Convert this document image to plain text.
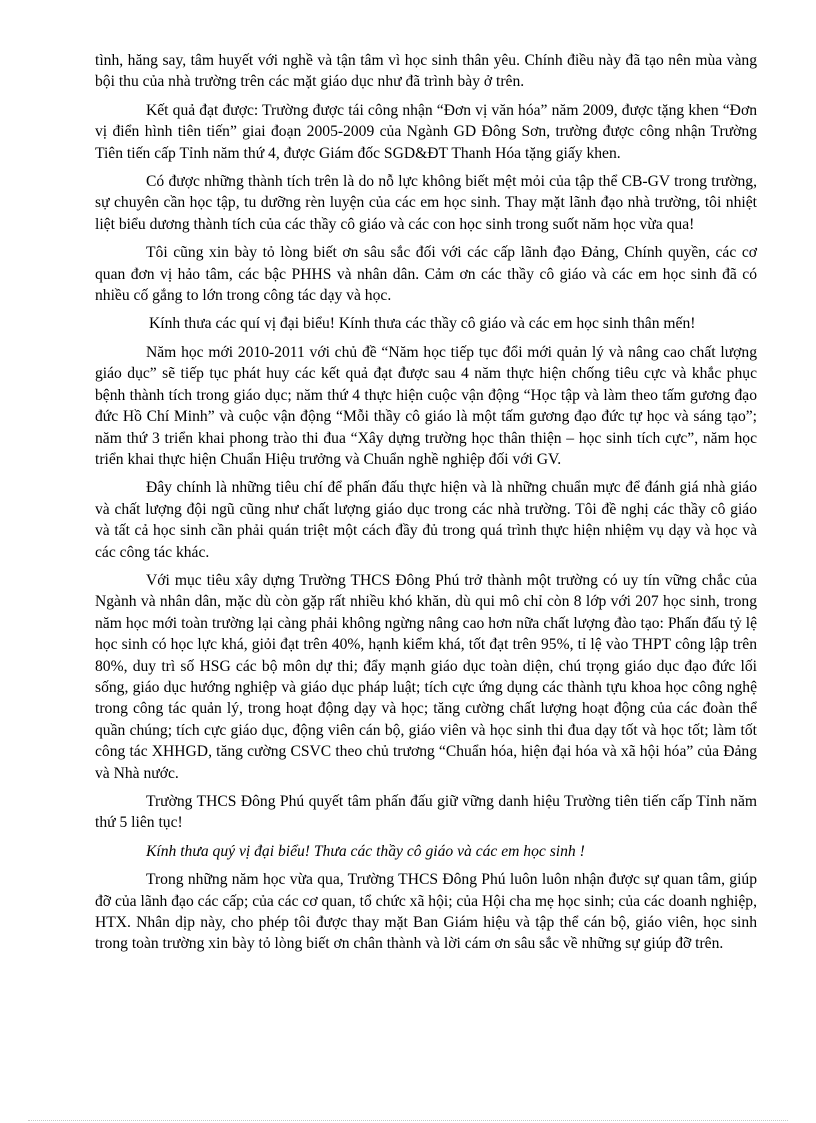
tình, hăng say, tâm huyết với nghề và tận tâm vì học sinh thân yêu. Chính điều này đã tạo nên mùa vàng bội thu của nhà trường trên các mặt giáo dục như đã trình bày ở trên.

Kết quả đạt được: Trường được tái công nhận “Đơn vị văn hóa” năm 2009, được tặng khen “Đơn vị điển hình tiên tiến” giai đoạn 2005-2009 của Ngành GD Đông Sơn, trường được công nhận Trường Tiên tiến cấp Tỉnh năm thứ 4, được Giám đốc SGD&ĐT Thanh Hóa tặng giấy khen.

Có được những thành tích trên là do nỗ lực không biết mệt mỏi của tập thể CB-GV trong trường, sự chuyên cần học tập, tu dưỡng rèn luyện của các em học sinh. Thay mặt lãnh đạo nhà trường, tôi nhiệt liệt biểu dương thành tích của các thầy cô giáo và các con học sinh trong suốt năm học vừa qua!

Tôi cũng xin bày tỏ lòng biết ơn sâu sắc đối với các cấp lãnh đạo Đảng, Chính quyền, các cơ quan đơn vị hảo tâm, các bậc PHHS và nhân dân. Cảm ơn các thầy cô giáo và các em học sinh đã có nhiều cố gắng to lớn trong công tác dạy và học.

Kính thưa các quí vị đại biểu! Kính thưa các thầy cô giáo và các em học sinh thân mến!

Năm học mới 2010-2011 với chủ đề “Năm học tiếp tục đổi mới quản lý và nâng cao chất lượng giáo dục” sẽ tiếp tục phát huy các kết quả đạt được sau 4 năm thực hiện chống tiêu cực và khắc phục bệnh thành tích trong giáo dục; năm thứ 4 thực hiện cuộc vận động “Học tập và làm theo tấm gương đạo đức Hồ Chí Minh” và cuộc vận động “Mỗi thầy cô giáo là một tấm gương đạo đức tự học và sáng tạo”; năm thứ 3 triển khai phong trào thi đua “Xây dựng trường học thân thiện – học sinh tích cực”, năm học triển khai thực hiện Chuẩn Hiệu trưởng và Chuẩn nghề nghiệp đối với GV.

Đây chính là những tiêu chí để phấn đấu thực hiện và là những chuẩn mực để đánh giá nhà giáo và chất lượng đội ngũ cũng như chất lượng giáo dục trong các nhà trường. Tôi đề nghị các thầy cô giáo và tất cả học sinh cần phải quán triệt một cách đầy đủ trong quá trình thực hiện nhiệm vụ dạy và học và các công tác khác.

Với mục tiêu xây dựng Trường THCS Đông Phú trở thành một trường có uy tín vững chắc của Ngành và nhân dân, mặc dù còn gặp rất nhiều khó khăn, dù qui mô chỉ còn 8 lớp với 207 học sinh, trong năm học mới toàn trường lại càng phải không ngừng nâng cao hơn nữa chất lượng đào tạo: Phấn đấu tỷ lệ học sinh có học lực khá, giỏi đạt trên 40%, hạnh kiểm khá, tốt đạt trên 95%, tỉ lệ vào THPT công lập trên 80%, duy trì số HSG các bộ môn dự thi; đẩy mạnh giáo dục toàn diện, chú trọng giáo dục đạo đức lối sống, giáo dục hướng nghiệp và giáo dục pháp luật; tích cực ứng dụng các thành tựu khoa học công nghệ trong công tác quản lý, trong hoạt động dạy và học; tăng cường chất lượng hoạt động của các đoàn thể quần chúng; tích cực giáo dục, động viên cán bộ, giáo viên và học sinh thi đua dạy tốt và học tốt; làm tốt công tác XHHGD, tăng cường CSVC theo chủ trương “Chuẩn hóa, hiện đại hóa và xã hội hóa” của Đảng và Nhà nước.

Trường THCS Đông Phú quyết tâm phấn đấu giữ vững danh hiệu Trường tiên tiến cấp Tỉnh năm thứ 5 liên tục!

Kính thưa quý vị đại biểu! Thưa các thầy cô giáo và các em học sinh !

Trong những năm học vừa qua, Trường THCS Đông Phú luôn luôn nhận được sự quan tâm, giúp đỡ của lãnh đạo các cấp; của các cơ quan, tổ chức xã hội; của Hội cha mẹ học sinh; của các doanh nghiệp, HTX. Nhân dịp này, cho phép tôi được thay mặt Ban Giám hiệu và tập thể cán bộ, giáo viên, học sinh trong toàn trường xin bày tỏ lòng biết ơn chân thành và lời cám ơn sâu sắc về những sự giúp đỡ trên.
